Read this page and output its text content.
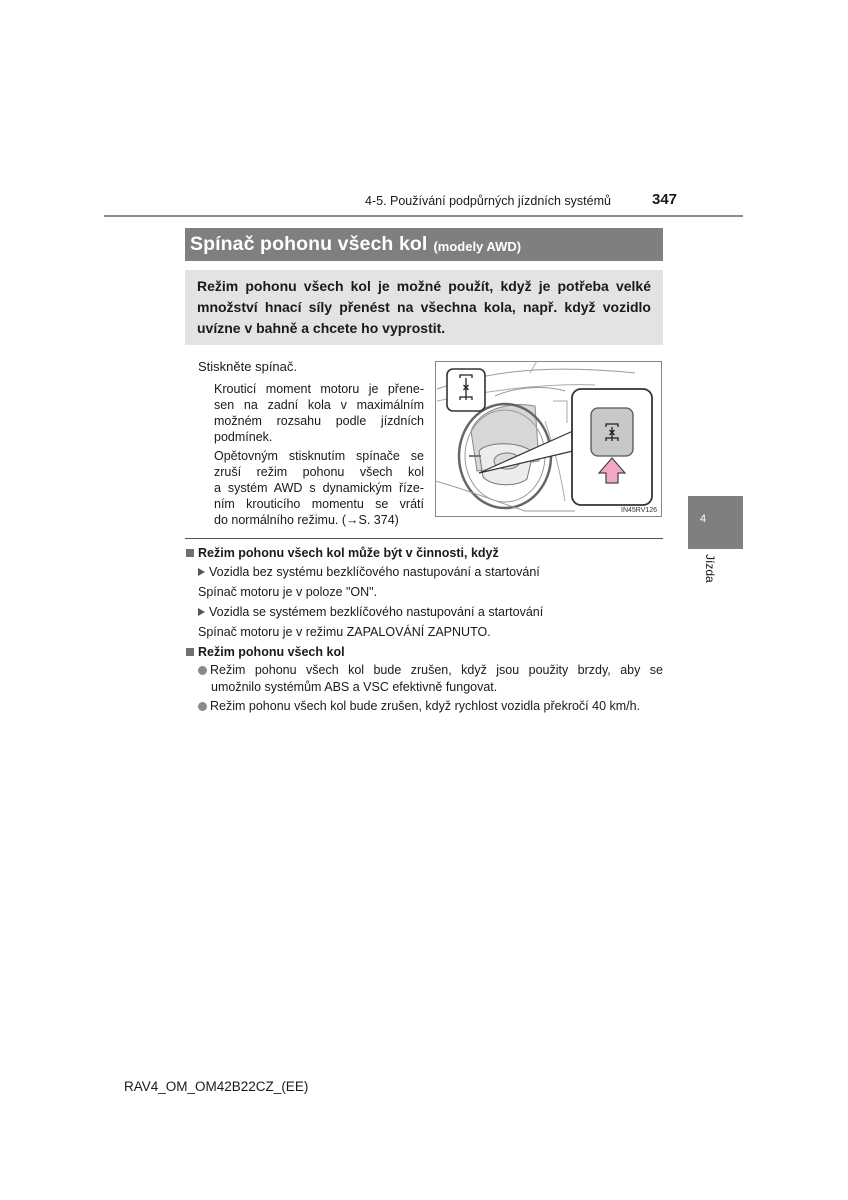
4-5. Používání podpůrných jízdních systémů	347
Spínač pohonu všech kol (modely AWD)
Režim pohonu všech kol je možné použít, když je potřeba velké
množství hnací síly přenést na všechna kola, např. když vozidlo
uvízne v bahně a chcete ho vyprostit.
Stiskněte spínač.
Krouticí moment motoru je přene-
sen na zadní kola v maximálním
možném rozsahu podle jízdních
podmínek.
Opětovným stisknutím spínače se
zruší režim pohonu všech kol
a systém AWD s dynamickým říze-
ním krouticího momentu se vrátí
do normálního režimu. (→S. 374)
IN45RV126
Režim pohonu všech kol může být v činnosti, když
Vozidla bez systému bezklíčového nastupování a startování
Spínač motoru je v poloze "ON".
Vozidla se systémem bezklíčového nastupování a startování
Spínač motoru je v režimu ZAPALOVÁNÍ ZAPNUTO.
Režim pohonu všech kol
Režim pohonu všech kol bude zrušen, když jsou použity brzdy, aby se
umožnilo systémům ABS a VSC efektivně fungovat.
Režim pohonu všech kol bude zrušen, když rychlost vozidla překročí 40 km/h.
4
Jízda
RAV4_OM_OM42B22CZ_(EE)
